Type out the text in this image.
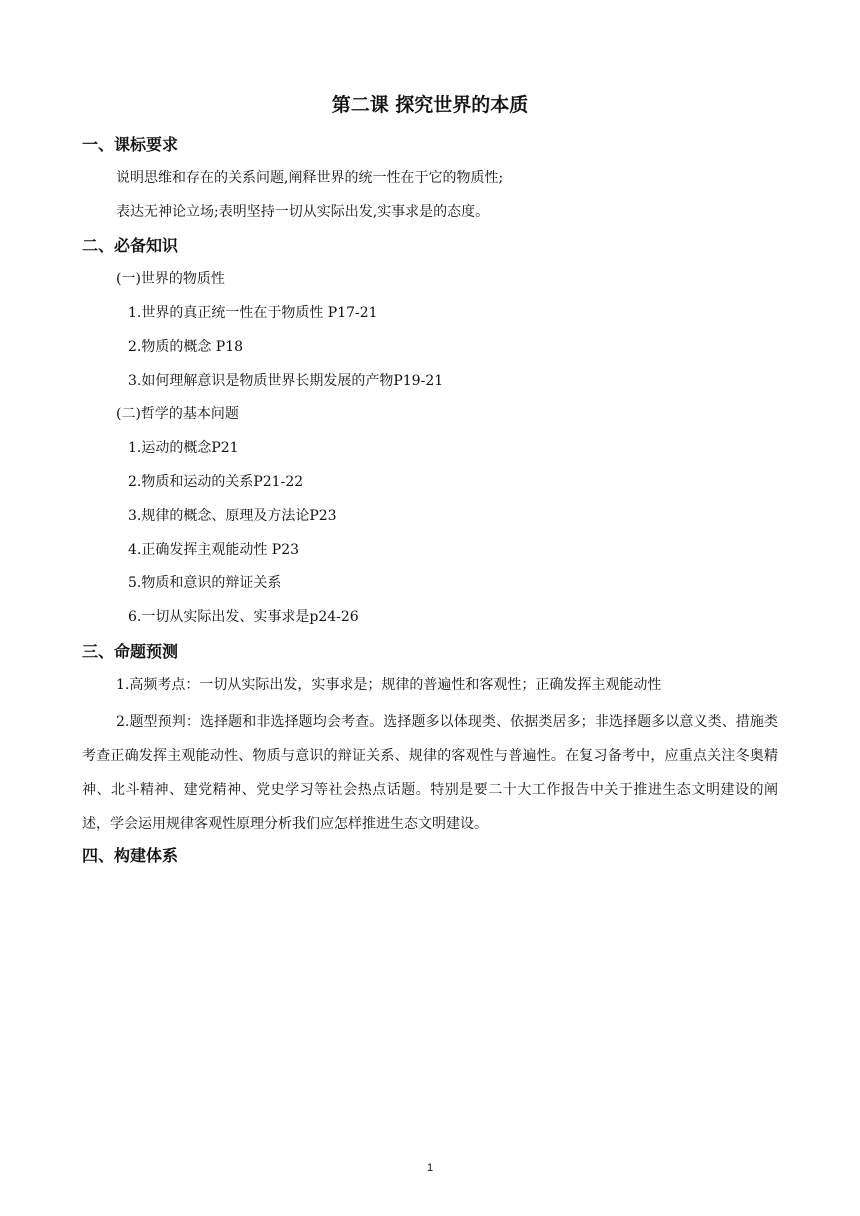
第二课 探究世界的本质
一、课标要求

说明思维和存在的关系问题,阐释世界的统一性在于它的物质性;

表达无神论立场;表明坚持一切从实际出发,实事求是的态度。

二、必备知识

(一)世界的物质性

1.世界的真正统一性在于物质性 P17-21

2.物质的概念 P18

3.如何理解意识是物质世界长期发展的产物P19-21

(二)哲学的基本问题

1.运动的概念P21

2.物质和运动的关系P21-22

3.规律的概念、原理及方法论P23

4.正确发挥主观能动性 P23

5.物质和意识的辩证关系

6.一切从实际出发、实事求是p24-26

三、命题预测

1.高频考点：一切从实际出发，实事求是；规律的普遍性和客观性；正确发挥主观能动性

2.题型预判：选择题和非选择题均会考查。选择题多以体现类、依据类居多；非选择题多以意义类、措施类考查正确发挥主观能动性、物质与意识的辩证关系、规律的客观性与普遍性。在复习备考中，应重点关注冬奥精神、北斗精神、建党精神、党史学习等社会热点话题。特别是要二十大工作报告中关于推进生态文明建设的阐述，学会运用规律客观性原理分析我们应怎样推进生态文明建设。

四、构建体系
1
